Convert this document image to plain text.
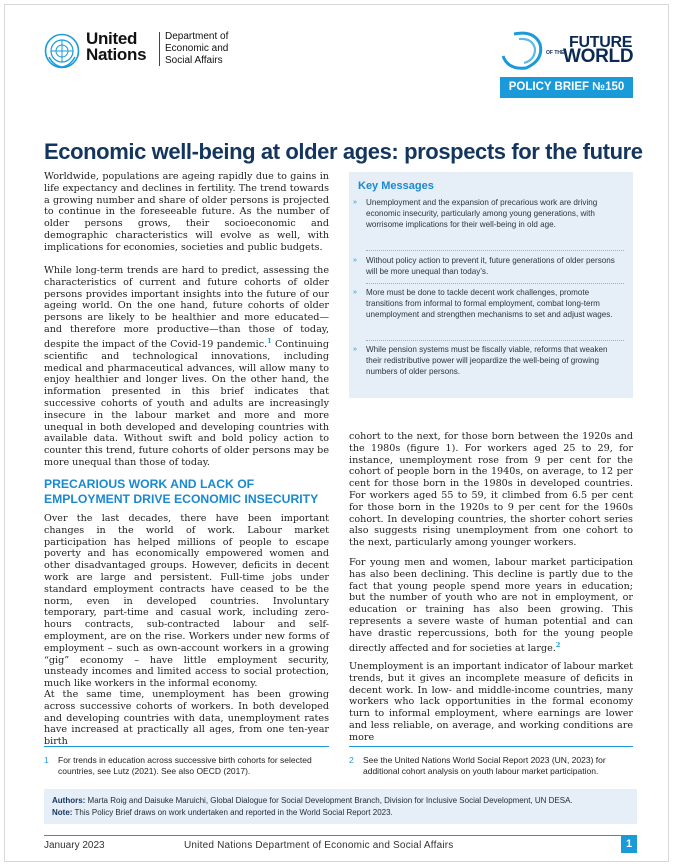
United
Nations
Department of
Economic and
Social Affairs
FUTURE
OF THE
WORLD
POLICY BRIEF №150
Economic well-being at older ages: prospects for the future

Worldwide, populations are ageing rapidly due to gains in life expectancy and declines in fertility. The trend towards a growing number and share of older persons is projected to continue in the foreseeable future. As the number of older persons grows, their socioeconomic and demographic characteristics will evolve as well, with implications for economies, societies and public budgets.

While long-term trends are hard to predict, assessing the characteristics of current and future cohorts of older persons provides important insights into the future of our ageing world. On the one hand, future cohorts of older persons are likely to be healthier and more educated—and therefore more productive—than those of today, despite the impact of the Covid-19 pandemic.$^1$ Continuing scientific and technological innovations, including medical and pharmaceutical advances, will allow many to enjoy healthier and longer lives. On the other hand, the information presented in this brief indicates that successive cohorts of youth and adults are increasingly insecure in the labour market and more and more unequal in both developed and developing countries with available data. Without swift and bold policy action to counter this trend, future cohorts of older persons may be more unequal than those of today.

Key Messages
» Unemployment and the expansion of precarious work are driving economic insecurity, particularly among young generations, with worrisome implications for their well-being in old age.
» Without policy action to prevent it, future generations of older persons will be more unequal than today’s.
» More must be done to tackle decent work challenges, promote transitions from informal to formal employment, combat long-term unemployment and strengthen mechanisms to set and adjust wages.
» While pension systems must be fiscally viable, reforms that weaken their redistributive power will jeopardize the well-being of growing numbers of older persons.
PRECARIOUS WORK AND LACK OF EMPLOYMENT DRIVE ECONOMIC INSECURITY

Over the last decades, there have been important changes in the world of work. Labour market participation has helped millions of people to escape poverty and has economically empowered women and other disadvantaged groups. However, deficits in decent work are large and persistent. Full-time jobs under standard employment contracts have ceased to be the norm, even in developed countries. Involuntary temporary, part-time and casual work, including zero-hours contracts, sub-contracted labour and self-employment, are on the rise. Workers under new forms of employment – such as own-account workers in a growing “gig” economy – have little employment security, unsteady incomes and limited access to social protection, much like workers in the informal economy.

At the same time, unemployment has been growing across successive cohorts of workers. In both developed and developing countries with data, unemployment rates have increased at practically all ages, from one ten-year birth

cohort to the next, for those born between the 1920s and the 1980s (figure 1). For workers aged 25 to 29, for instance, unemployment rose from 9 per cent for the cohort of people born in the 1940s, on average, to 12 per cent for those born in the 1980s in developed countries. For workers aged 55 to 59, it climbed from 6.5 per cent for those born in the 1920s to 9 per cent for the 1960s cohort. In developing countries, the shorter cohort series also suggests rising unemployment from one cohort to the next, particularly among younger workers.

For young men and women, labour market participation has also been declining. This decline is partly due to the fact that young people spend more years in education; but the number of youth who are not in employment, or education or training has also been growing. This represents a severe waste of human potential and can have drastic repercussions, both for the young people directly affected and for societies at large.$^2$

Unemployment is an important indicator of labour market trends, but it gives an incomplete measure of deficits in decent work. In low- and middle-income countries, many workers who lack opportunities in the formal economy turn to informal employment, where earnings are lower and less reliable, on average, and working conditions are more

1 For trends in education across successive birth cohorts for selected countries, see Lutz (2021). See also OECD (2017).
2 See the United Nations World Social Report 2023 (UN, 2023) for additional cohort analysis on youth labour market participation.
Authors: Marta Roig and Daisuke Maruichi, Global Dialogue for Social Development Branch, Division for Inclusive Social Development, UN DESA.
Note: This Policy Brief draws on work undertaken and reported in the World Social Report 2023.
January 2023	United Nations Department of Economic and Social Affairs	1
